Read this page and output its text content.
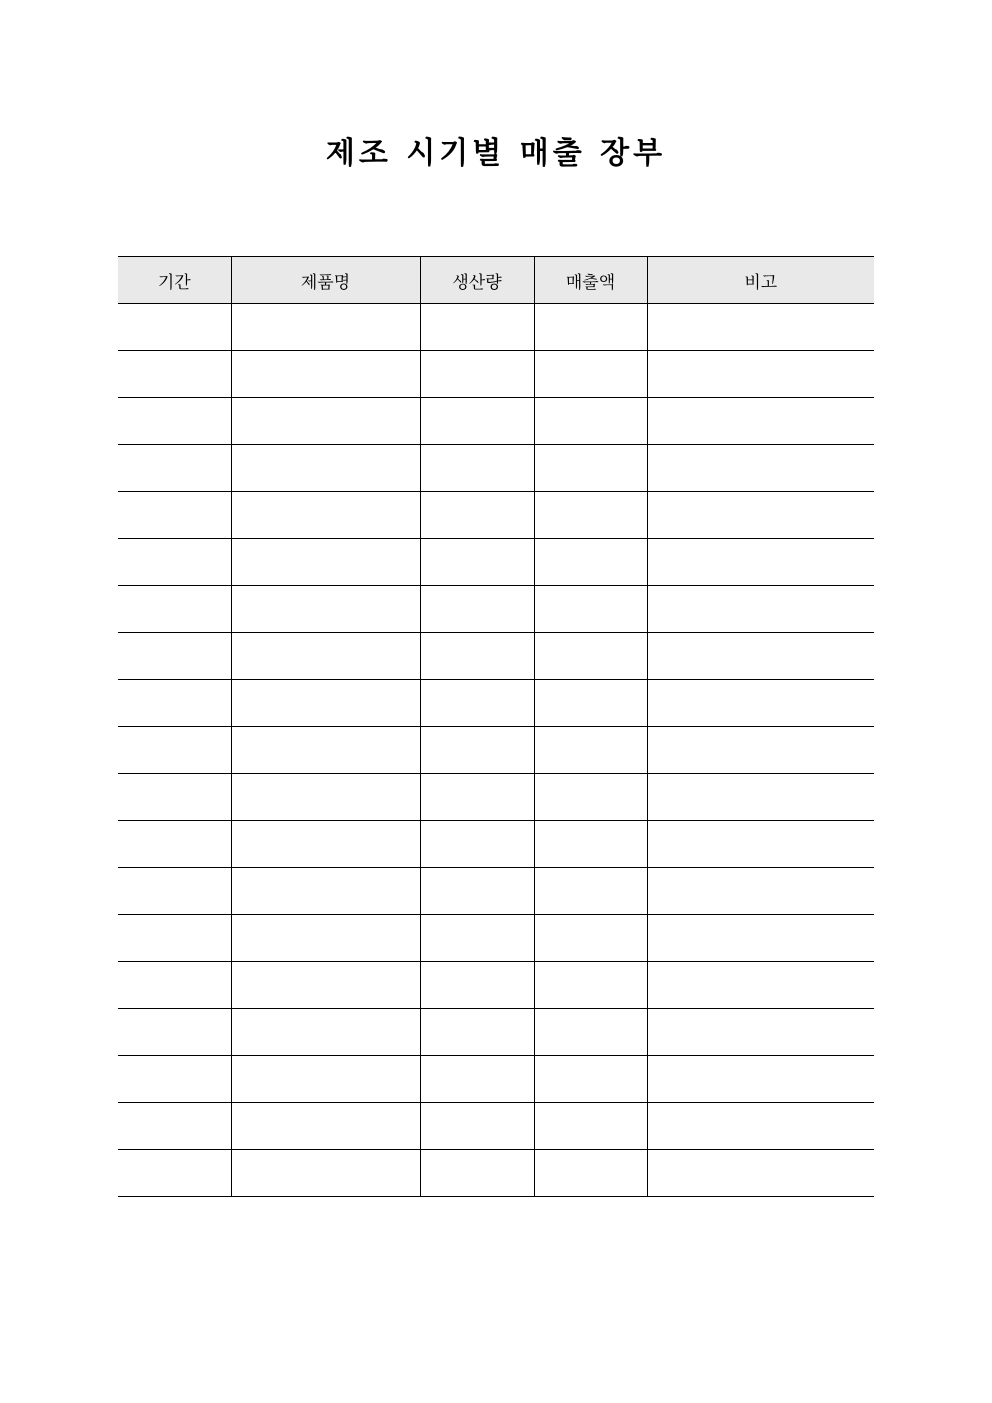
제조 시기별 매출 장부
기간	제품명	생산량	매출액	비고
